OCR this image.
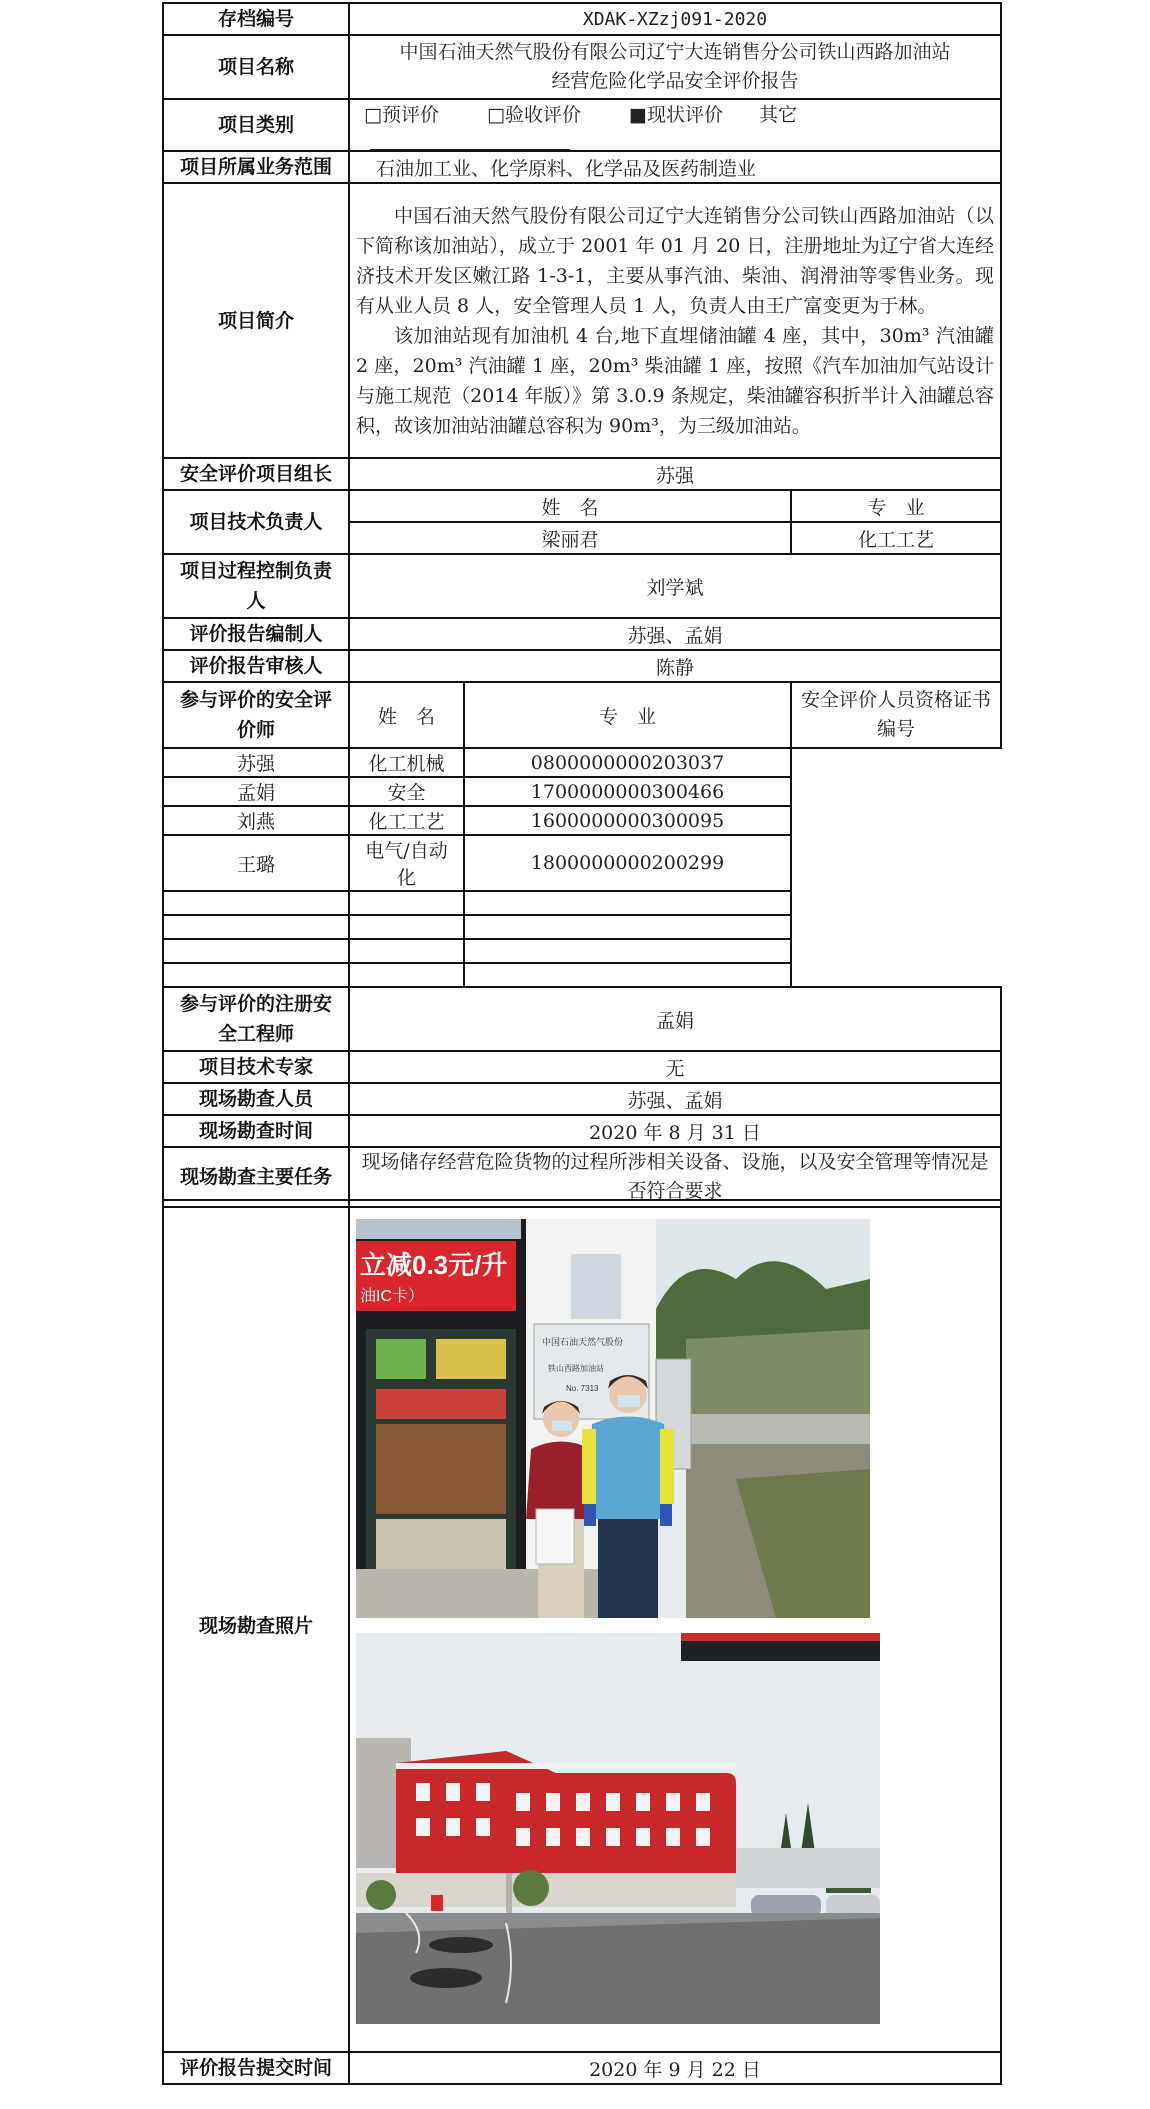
存档编号	XDAK-XZzj091-2020		
项目名称	中国石油天然气股份有限公司辽宁大连销售分公司铁山西路加油站
经营危险化学品安全评价报告		

项目类别	□预评价 □验收评价 ■现状评价 其它		
项目所属业务范围	石油加工业、化学原料、化学品及医药制造业		
项目简介	中国石油天然气股份有限公司辽宁大连销售分公司铁山西路加油站（以下简称该加油站），成立于 2001 年 01 月 20 日，注册地址为辽宁省大连经济技术开发区嫩江路 1-3-1，主要从事汽油、柴油、润滑油等零售业务。现有从业人员 8 人，安全管理人员 1 人，负责人由王广富变更为于林。

该加油站现有加油机 4 台,地下直埋储油罐 4 座，其中，30m³ 汽油罐 2 座，20m³ 汽油罐 1 座，20m³ 柴油罐 1 座，按照《汽车加油加气站设计与施工规范（2014 年版）》第 3.0.9 条规定，柴油罐容积折半计入油罐总容积，故该加油站油罐总容积为 90m³，为三级加油站。		

安全评价项目组长	苏强		
项目技术负责人	姓　名		专　业
	梁丽君		化工工艺

项目过程控制负责
人	刘学斌		
评价报告编制人	苏强、孟娟		
评价报告审核人	陈静		

参与评价的安全评
价师	姓　名	专　业	安全评价人员资格证书编号
苏强	化工机械	0800000000203037	
孟娟	安全	1700000000300466	
刘燕	化工工艺	1600000000300095	
王璐	电气/自动化	1800000000200299	

参与评价的注册安
全工程师	孟娟		
项目技术专家	无		
现场勘查人员	苏强、孟娟		
现场勘查时间	2020 年 8 月 31 日		
现场勘查主要任务	现场储存经营危险货物的过程所涉相关设备、设施，以及安全管理等情况是否符合要求		
现场勘查照片	
评价报告提交时间	2020 年 9 月 22 日
立减0.3元/升
油IC卡）
中国石油天然气股份
铁山西路加油站
No. 7313
